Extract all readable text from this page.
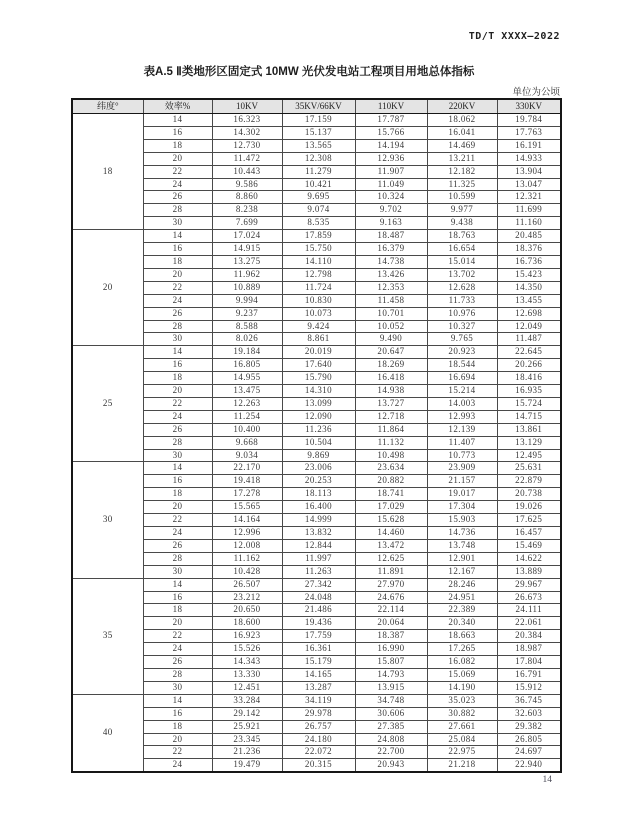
TD/T XXXX—2022
表A.5 Ⅱ类地形区固定式 10MW 光伏发电站工程项目用地总体指标
单位为公顷
纬度°	效率%	10KV	35KV/66KV	110KV	220KV	330KV
18	14	16.323	17.159	17.787	18.062	19.784
	16	14.302	15.137	15.766	16.041	17.763
	18	12.730	13.565	14.194	14.469	16.191
	20	11.472	12.308	12.936	13.211	14.933
	22	10.443	11.279	11.907	12.182	13.904
	24	9.586	10.421	11.049	11.325	13.047
	26	8.860	9.695	10.324	10.599	12.321
	28	8.238	9.074	9.702	9.977	11.699
	30	7.699	8.535	9.163	9.438	11.160
20	14	17.024	17.859	18.487	18.763	20.485
	16	14.915	15.750	16.379	16.654	18.376
	18	13.275	14.110	14.738	15.014	16.736
	20	11.962	12.798	13.426	13.702	15.423
	22	10.889	11.724	12.353	12.628	14.350
	24	9.994	10.830	11.458	11.733	13.455
	26	9.237	10.073	10.701	10.976	12.698
	28	8.588	9.424	10.052	10.327	12.049
	30	8.026	8.861	9.490	9.765	11.487
25	14	19.184	20.019	20.647	20.923	22.645
	16	16.805	17.640	18.269	18.544	20.266
	18	14.955	15.790	16.418	16.694	18.416
	20	13.475	14.310	14.938	15.214	16.935
	22	12.263	13.099	13.727	14.003	15.724
	24	11.254	12.090	12.718	12.993	14.715
	26	10.400	11.236	11.864	12.139	13.861
	28	9.668	10.504	11.132	11.407	13.129
	30	9.034	9.869	10.498	10.773	12.495
30	14	22.170	23.006	23.634	23.909	25.631
	16	19.418	20.253	20.882	21.157	22.879
	18	17.278	18.113	18.741	19.017	20.738
	20	15.565	16.400	17.029	17.304	19.026
	22	14.164	14.999	15.628	15.903	17.625
	24	12.996	13.832	14.460	14.736	16.457
	26	12.008	12.844	13.472	13.748	15.469
	28	11.162	11.997	12.625	12.901	14.622
	30	10.428	11.263	11.891	12.167	13.889
35	14	26.507	27.342	27.970	28.246	29.967
	16	23.212	24.048	24.676	24.951	26.673
	18	20.650	21.486	22.114	22.389	24.111
	20	18.600	19.436	20.064	20.340	22.061
	22	16.923	17.759	18.387	18.663	20.384
	24	15.526	16.361	16.990	17.265	18.987
	26	14.343	15.179	15.807	16.082	17.804
	28	13.330	14.165	14.793	15.069	16.791
	30	12.451	13.287	13.915	14.190	15.912
40	14	33.284	34.119	34.748	35.023	36.745
	16	29.142	29.978	30.606	30.882	32.603
	18	25.921	26.757	27.385	27.661	29.382
	20	23.345	24.180	24.808	25.084	26.805
	22	21.236	22.072	22.700	22.975	24.697
	24	19.479	20.315	20.943	21.218	22.940
14
